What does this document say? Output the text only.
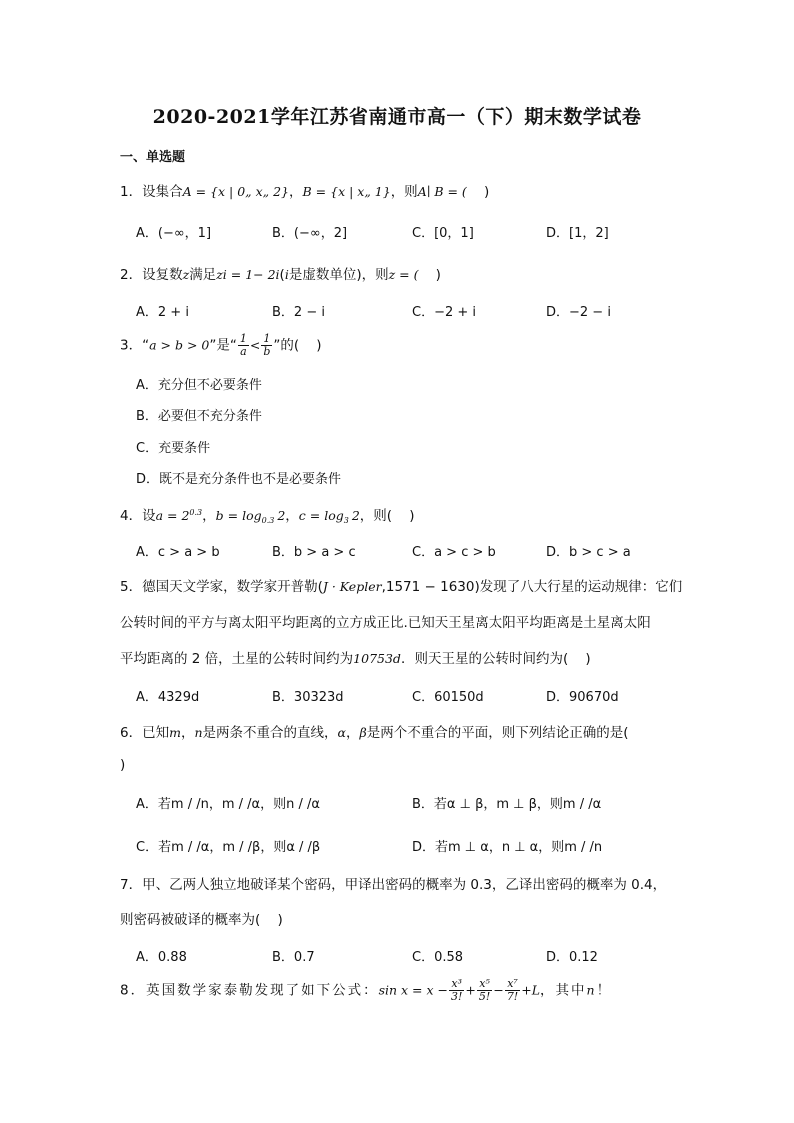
2020-2021学年江苏省南通市高一（下）期末数学试卷
一、单选题
1．设集合A = {x | 0„ x„ 2}，B = {x | x„ 1}，则A∣ B = (    )
A．(−∞，1]	B．(−∞，2]	C．[0，1]	D．[1，2]
2．设复数z满足zi = 1− 2i(i是虚数单位)，则z = (    )
A．2 + i	B．2 − i	C．−2 + i	D．−2 − i
3．“a > b > 0”是“ $\frac{1}{a} < \frac{1}{b}$ ”的(    )
A．充分但不必要条件
B．必要但不充分条件
C．充要条件
D．既不是充分条件也不是必要条件
4．设$a = 2^{0.3}$，$b = \log_{0.3} 2$，$c = \log_3 2$，则(    )
A．c > a > b	B．b > a > c	C．a > c > b	D．b > c > a
5．德国天文学家，数学家开普勒(J · Kepler,1571 − 1630)发现了八大行星的运动规律：它们
公转时间的平方与离太阳平均距离的立方成正比.已知天王星离太阳平均距离是土星离太阳
平均距离的 2 倍，土星的公转时间约为10753d．则天王星的公转时间约为(    )
A．4329d	B．30323d	C．60150d	D．90670d
6．已知m，n是两条不重合的直线，α，β是两个不重合的平面，则下列结论正确的是(
)
A．若m / /n，m / /α，则n / /α	B．若α ⊥ β，m ⊥ β，则m / /α
C．若m / /α，m / /β，则α / /β	D．若m ⊥ α，n ⊥ α，则m / /n
7．甲、乙两人独立地破译某个密码，甲译出密码的概率为 0.3，乙译出密码的概率为 0.4，
则密码被破译的概率为(    )
A．0.88	B．0.7	C．0.58	D．0.12
8．英国数学家泰勒发现了如下公式：$\sin x = x - \frac{\text{x³}}{3!} + \frac{\text{x⁵}}{5!} - \frac{\text{x⁷}}{7!} +L$，其中n！
